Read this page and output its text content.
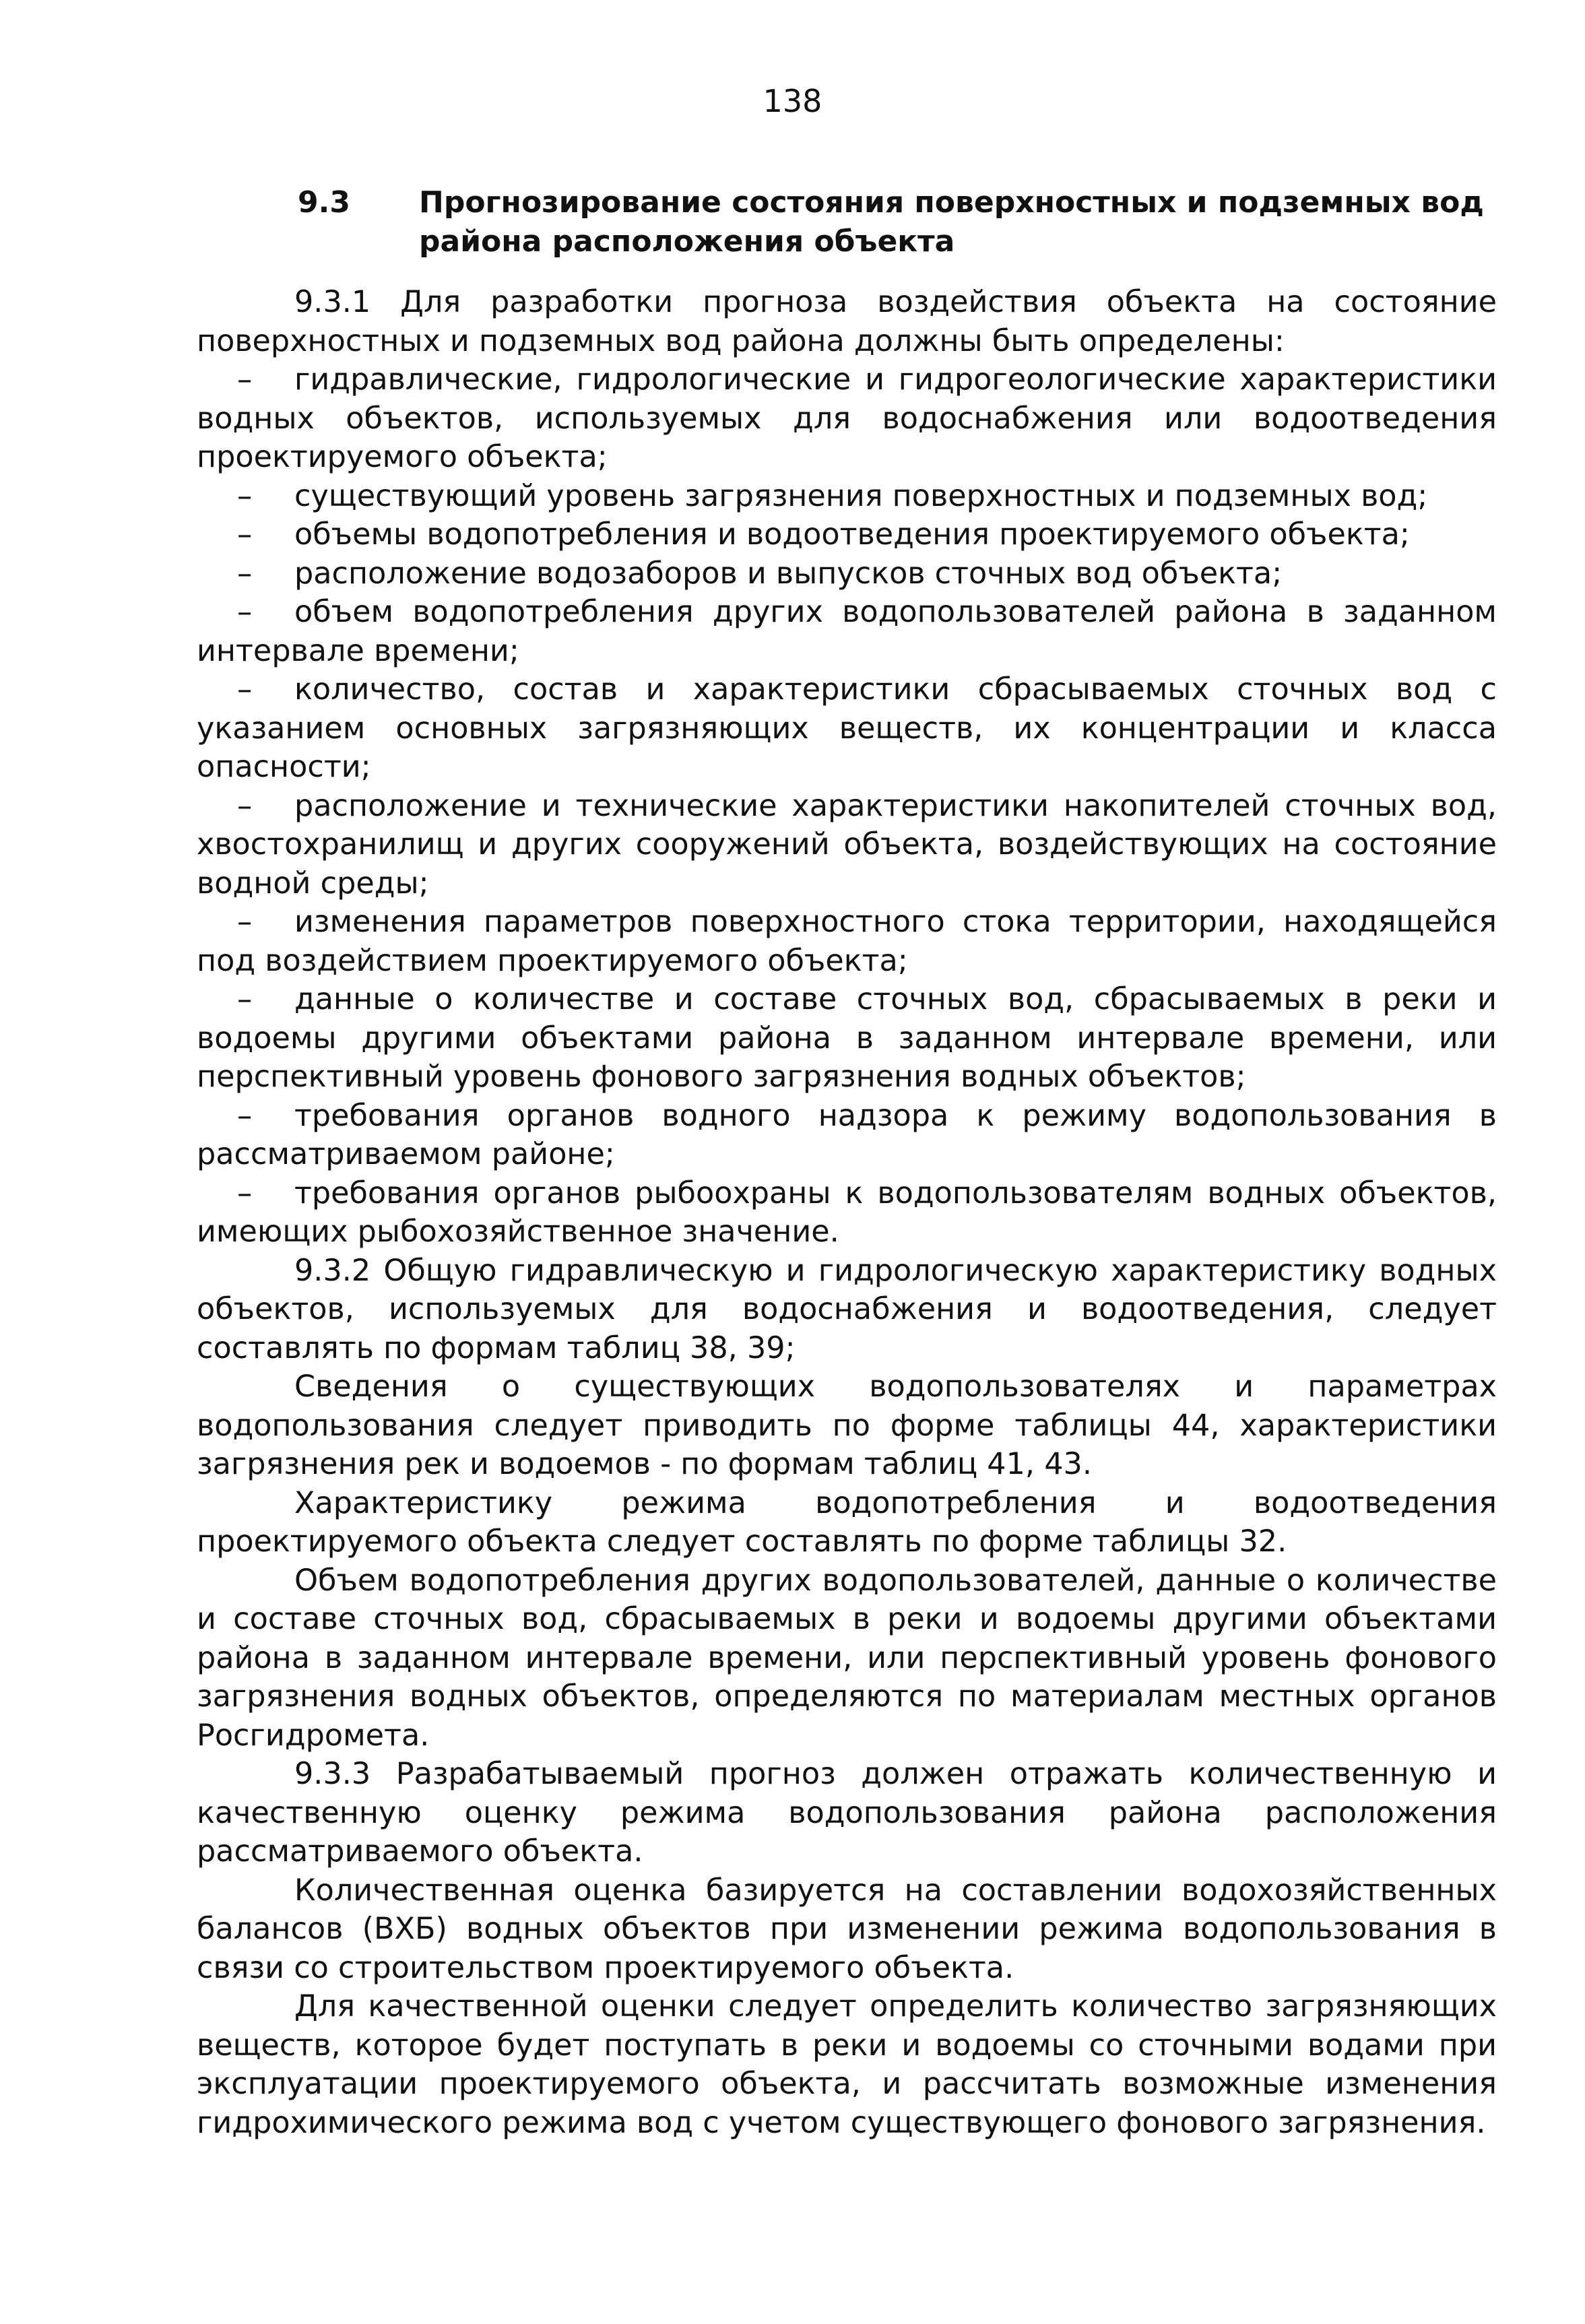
138
9.3 Прогнозирование состояния поверхностных и подземных вод района расположения объекта

9.3.1 Для разработки прогноза воздействия объекта на состояние поверхностных и подземных вод района должны быть определены:

– гидравлические, гидрологические и гидрогеологические характеристики водных объектов, используемых для водоснабжения или водоотведения проектируемого объекта;

– существующий уровень загрязнения поверхностных и подземных вод;

– объемы водопотребления и водоотведения проектируемого объекта;

– расположение водозаборов и выпусков сточных вод объекта;

– объем водопотребления других водопользователей района в заданном интервале времени;

– количество, состав и характеристики сбрасываемых сточных вод с указанием основных загрязняющих веществ, их концентрации и класса опасности;

– расположение и технические характеристики накопителей сточных вод, хвостохранилищ и других сооружений объекта, воздействующих на состояние водной среды;

– изменения параметров поверхностного стока территории, находящейся под воздействием проектируемого объекта;

– данные о количестве и составе сточных вод, сбрасываемых в реки и водоемы другими объектами района в заданном интервале времени, или перспективный уровень фонового загрязнения водных объектов;

– требования органов водного надзора к режиму водопользования в рассматриваемом районе;

– требования органов рыбоохраны к водопользователям водных объектов, имеющих рыбохозяйственное значение.

9.3.2 Общую гидравлическую и гидрологическую характеристику водных объектов, используемых для водоснабжения и водоотведения, следует составлять по формам таблиц 38, 39;

Сведения о существующих водопользователях и параметрах водопользования следует приводить по форме таблицы 44, характеристики загрязнения рек и водоемов - по формам таблиц 41, 43.

Характеристику режима водопотребления и водоотведения проектируемого объекта следует составлять по форме таблицы 32.

Объем водопотребления других водопользователей, данные о количестве и составе сточных вод, сбрасываемых в реки и водоемы другими объектами района в заданном интервале времени, или перспективный уровень фонового загрязнения водных объектов, определяются по материалам местных органов Росгидромета.

9.3.3 Разрабатываемый прогноз должен отражать количественную и качественную оценку режима водопользования района расположения рассматриваемого объекта.

Количественная оценка базируется на составлении водохозяйственных балансов (ВХБ) водных объектов при изменении режима водопользования в связи со строительством проектируемого объекта.

Для качественной оценки следует определить количество загрязняющих веществ, которое будет поступать в реки и водоемы со сточными водами при эксплуатации проектируемого объекта, и рассчитать возможные изменения гидрохимического режима вод с учетом существующего фонового загрязнения.
